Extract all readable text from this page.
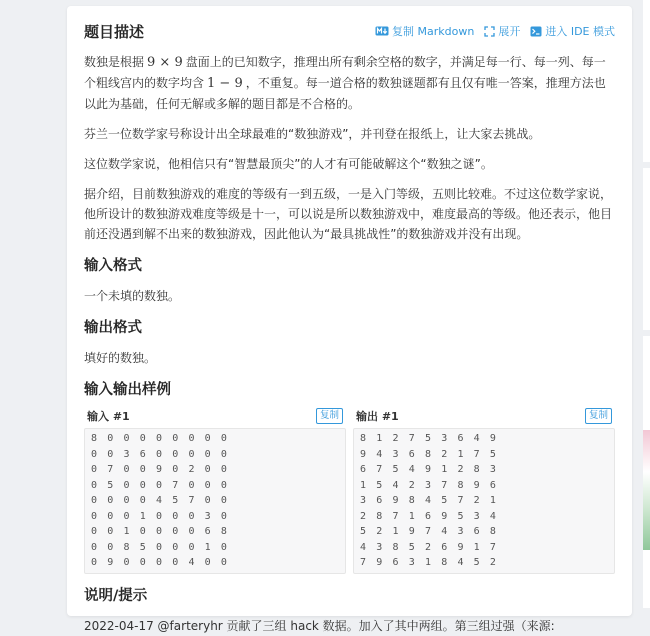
题目描述	复制 Markdown 展开 进入 IDE 模式

数独是根据 9 × 9 盘面上的已知数字，推理出所有剩余空格的数字，并满足每一行、每一列、每一个粗线宫内的数字均含 1 − 9 ，不重复。每一道合格的数独谜题都有且仅有唯一答案，推理方法也以此为基础，任何无解或多解的题目都是不合格的。

芬兰一位数学家号称设计出全球最难的“数独游戏”，并刊登在报纸上，让大家去挑战。

这位数学家说，他相信只有“智慧最顶尖”的人才有可能破解这个“数独之谜”。

据介绍，目前数独游戏的难度的等级有一到五级，一是入门等级，五则比较难。不过这位数学家说，他所设计的数独游戏难度等级是十一，可以说是所以数独游戏中，难度最高的等级。他还表示，他目前还没遇到解不出来的数独游戏，因此他认为“最具挑战性”的数独游戏并没有出现。

输入格式

一个未填的数独。

输出格式

填好的数独。

输入输出样例
输入 #1	复制
8 0 0 0 0 0 0 0 0
0 0 3 6 0 0 0 0 0
0 7 0 0 9 0 2 0 0
0 5 0 0 0 7 0 0 0
0 0 0 0 4 5 7 0 0
0 0 0 1 0 0 0 3 0
0 0 1 0 0 0 0 6 8
0 0 8 5 0 0 0 1 0
0 9 0 0 0 0 4 0 0
输出 #1	复制
8 1 2 7 5 3 6 4 9
9 4 3 6 8 2 1 7 5
6 7 5 4 9 1 2 8 3
1 5 4 2 3 7 8 9 6
3 6 9 8 4 5 7 2 1
2 8 7 1 6 9 5 3 4
5 2 1 9 7 4 3 6 8
4 3 8 5 2 6 9 1 7
7 9 6 3 1 8 4 5 2
说明/提示

2022-04-17 @farteryhr 贡献了三组 hack 数据。加入了其中两组。第三组过强（来源:
